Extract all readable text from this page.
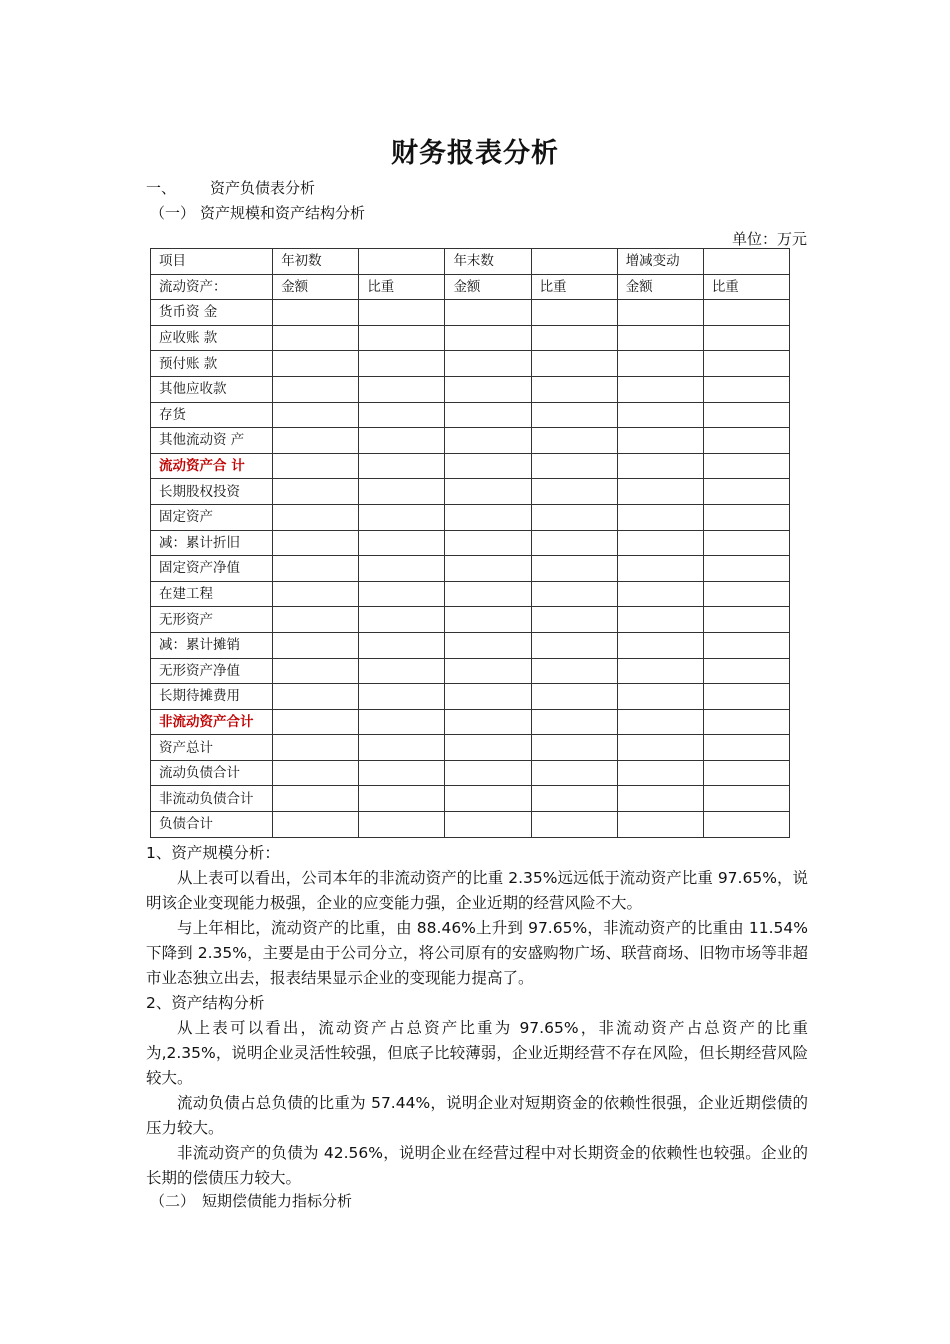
财务报表分析
一、 资产负债表分析
（一） 资产规模和资产结构分析
单位：万元
项目	年初数		年末数		增减变动	
流动资产：	金额	比重	金额	比重	金额	比重
货币资 金						
应收账 款						
预付账 款						
其他应收款						
存货						
其他流动资 产						
流动资产合 计						
长期股权投资						
固定资产						
减：累计折旧						
固定资产净值						
在建工程						
无形资产						
减：累计摊销						
无形资产净值						
长期待摊费用						
非流动资产合计						
资产总计						
流动负债合计						
非流动负债合计						
负债合计						

1、资产规模分析：

从上表可以看出，公司本年的非流动资产的比重 2.35%远远低于流动资产比重 97.65%，说明该企业变现能力极强，企业的应变能力强，企业近期的经营风险不大。

与上年相比，流动资产的比重，由 88.46%上升到 97.65%，非流动资产的比重由 11.54%下降到 2.35%，主要是由于公司分立，将公司原有的安盛购物广场、联营商场、旧物市场等非超市业态独立出去，报表结果显示企业的变现能力提高了。

2、资产结构分析

从上表可以看出，流动资产占总资产比重为 97.65%，非流动资产占总资产的比重为,2.35%，说明企业灵活性较强，但底子比较薄弱，企业近期经营不存在风险，但长期经营风险较大。

流动负债占总负债的比重为 57.44%，说明企业对短期资金的依赖性很强，企业近期偿债的压力较大。

非流动资产的负债为 42.56%，说明企业在经营过程中对长期资金的依赖性也较强。企业的长期的偿债压力较大。

（二） 短期偿债能力指标分析
